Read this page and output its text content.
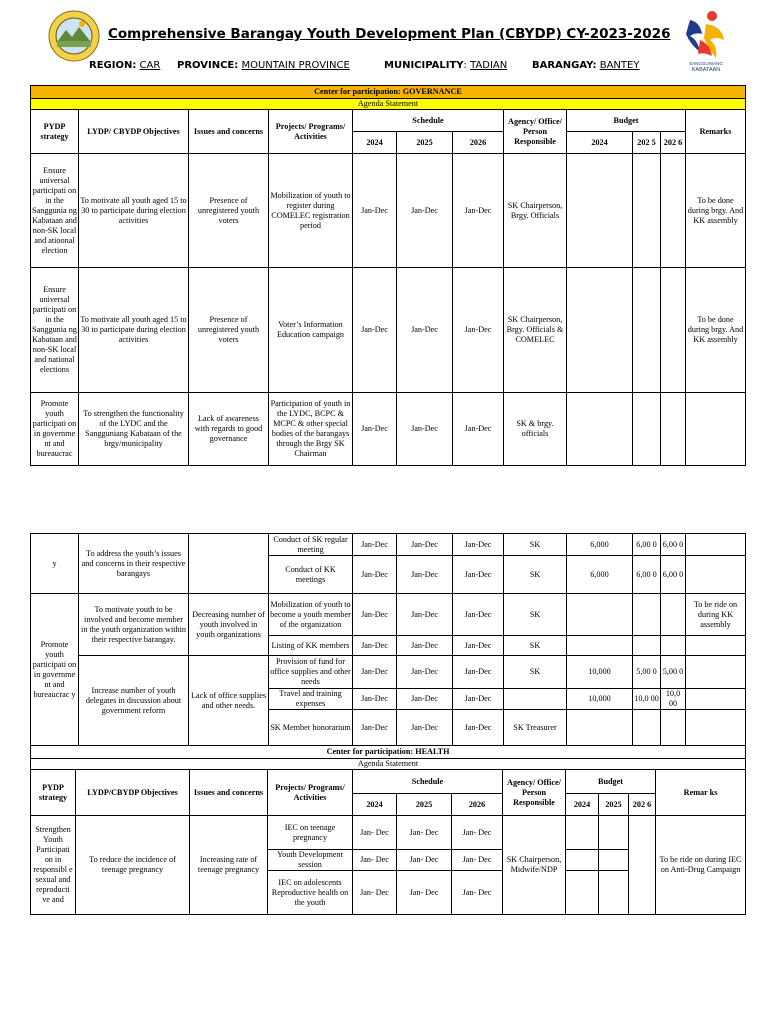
SANGGUNIANG
KABATAAN
Comprehensive Barangay Youth Development Plan (CBYDP) CY-2023-2026
REGION: CAR PROVINCE: MOUNTAIN PROVINCE	MUNICIPALITY: TADIAN BARANGAY: BANTEY
Center for participation: GOVERNANCE											
Agenda Statement											
PYDP strategy	LYDP/ CBYDP Objectives	Issues and concerns	Projects/ Programs/ Activities	Schedule			Agency/ Office/ Person Responsible	Budget			Remarks
				2024	2025	2026		2024	202 5	202 6	
Ensure universal participati on in the Sangguniа ng Kabataan and non-SK local and atioonal election	To motivate all youth aged 15 to 30 to participate during election activities	Presence of unregistered youth voters	Mobilization of youth to register during COMELEC registration period	Jan-Dec	Jan-Dec	Jan-Dec	SK Chairperson, Brgy. Officials				To be done during brgy. And KK assembly
Ensure universal participati on in the Sangguniа ng Kabataan and non-SK local and national elections	To motivate all youth aged 15 to 30 to participate during election activities	Presence of unregistered youth voters	Voter’s Information Education campaign	Jan-Dec	Jan-Dec	Jan-Dec	SK Chairperson, Brgy. Officials & COMELEC				To be done during brgy. And KK assembly
Promote youth participati on in governme nt and bureaucrac	To strengthen the functionality of the LYDC and the Sangguniang Kabataan of the brgy/municipality	Lack of awareness with regards to good governance	Participation of youth in the LYDC, BCPC & MCPC & other special bodies of the barangays through the Brgy SK Chairman	Jan-Dec	Jan-Dec	Jan-Dec	SK & brgy. officials				
y	To address the youth’s issues and concerns in their respective barangays		Conduct of SK regular meeting	Jan-Dec	Jan-Dec	Jan-Dec	SK	6,000	6,00 0	6,00 0	
			Conduct of KK meetings	Jan-Dec	Jan-Dec	Jan-Dec	SK	6,000	6,00 0	6,00 0	
Promote youth participati on in governme nt and bureaucrac y	To motivate youth to be involved and become member in the youth organization within their respective barangay.	Decreasing number of youth involved in youth organizations	Mobilization of youth to become a youth member of the organization	Jan-Dec	Jan-Dec	Jan-Dec	SK				To be ride on during KK assembly
			Listing of KK members	Jan-Dec	Jan-Dec	Jan-Dec	SK				
	Increase number of youth delegates in discussion about government reform	Lack of office supplies and other needs.	Provision of fund for office supplies and other needs	Jan-Dec	Jan-Dec	Jan-Dec	SK	10,000	5,00 0	5,00 0	
			Travel and training expenses	Jan-Dec	Jan-Dec	Jan-Dec		10,000	10,0 00	10,0 00	
			SK Member honorarium	Jan-Dec	Jan-Dec	Jan-Dec	SK Treasurer				
Center for participation: HEALTH											
Agenda Statement											
PYDP strategy	LYDP/CBYDP Objectives	Issues and concerns	Projects/ Programs/ Activities	Schedule			Agency/ Office/ Person Responsible	Budget			Remar ks
				2024	2025	2026		2024	2025	202 6	
Strengthen Youth Participati on in responsibl e sexual and reproducti ve and	To reduce the incidence of teenage pregnancy	Increasing rate of teenage pregnancy	IEC on teenage pregnancy	Jan- Dec	Jan- Dec	Jan- Dec	SK Chairperson, Midwife/NDP				To be ride on during IEC on Anti-Drug Campaign
			Youth Development session	Jan- Dec	Jan- Dec	Jan- Dec					
			IEC on adolescents Reproductive health on the youth	Jan- Dec	Jan- Dec	Jan- Dec					
